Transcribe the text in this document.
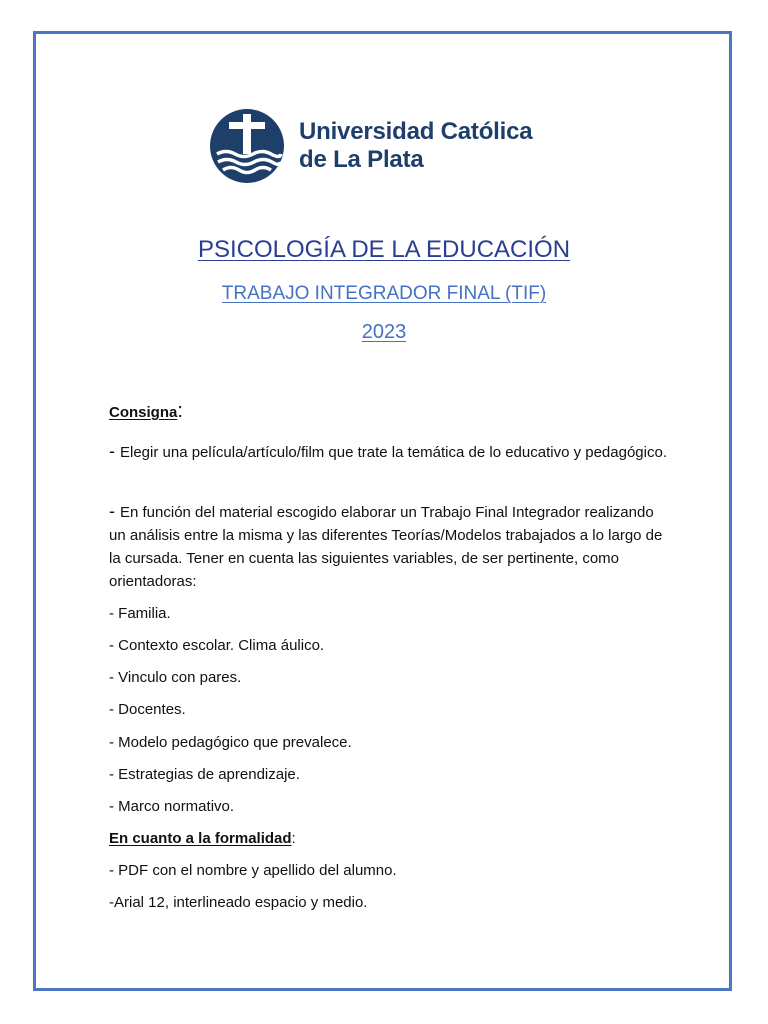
Universidad Católica
de La Plata
PSICOLOGÍA DE LA EDUCACIÓN
TRABAJO INTEGRADOR FINAL (TIF)
2023
Consigna:

- Elegir una película/artículo/film que trate la temática de lo educativo y pedagógico.

- En función del material escogido elaborar un Trabajo Final Integrador realizando un análisis entre la misma y las diferentes Teorías/Modelos trabajados a lo largo de la cursada. Tener en cuenta las siguientes variables, de ser pertinente, como orientadoras:

- Familia.
- Contexto escolar. Clima áulico.
- Vinculo con pares.
- Docentes.
- Modelo pedagógico que prevalece.
- Estrategias de aprendizaje.
- Marco normativo.
En cuanto a la formalidad:
- PDF con el nombre y apellido del alumno.
-Arial 12, interlineado espacio y medio.
